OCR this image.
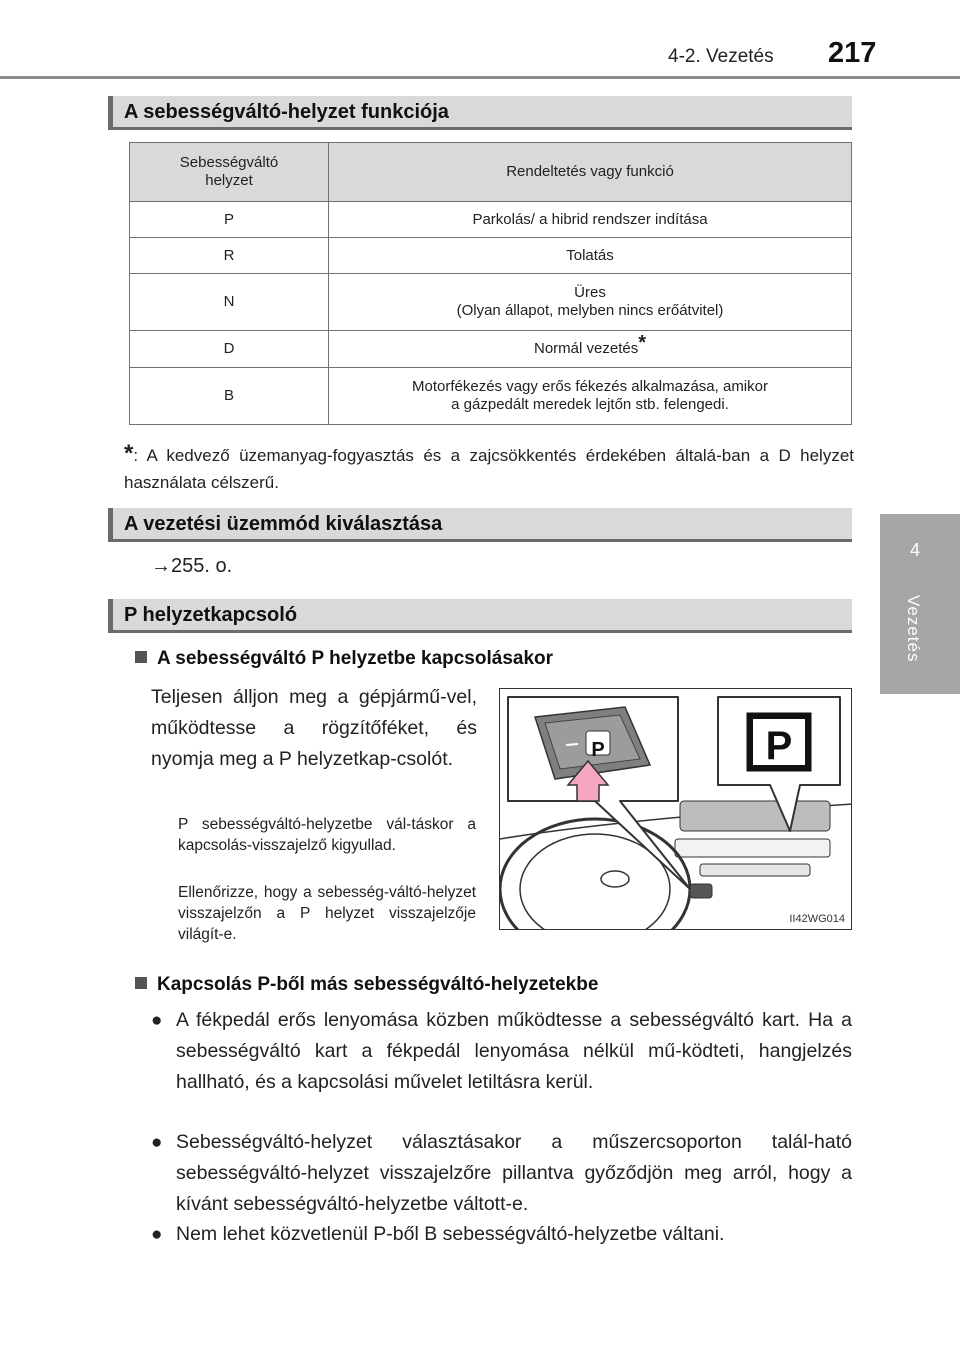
4-2. Vezetés 217
4
Vezetés
A sebességváltó-helyzet funkciója
Sebességváltó helyzet	Rendeltetés vagy funkció
P	Parkolás/ a hibrid rendszer indítása
R	Tolatás
N	Üres
(Olyan állapot, melyben nincs erőátvitel)

D	Normál vezetés*
B	Motorfékezés vagy erős fékezés alkalmazása, amikor
a gázpedált meredek lejtőn stb. felengedi.
*: A kedvező üzemanyag-fogyasztás és a zajcsökkentés érdekében általá-ban a D helyzet használata célszerű.
A vezetési üzemmód kiválasztása
→255. o.
P helyzetkapcsoló
A sebességváltó P helyzetbe kapcsolásakor
Teljesen álljon meg a gépjármű-vel, működtesse a rögzítőféket, és nyomja meg a P helyzetkap-csolót.
P sebességváltó-helyzetbe vál-táskor a kapcsolás-visszajelző kigyullad.
Ellenőrizze, hogy a sebesség-váltó-helyzet visszajelzőn a P helyzet visszajelzője világít-e.
P	P
II42WG014
Kapcsolás P-ből más sebességváltó-helyzetekbe
● A fékpedál erős lenyomása közben működtesse a sebességváltó kart. Ha a sebességváltó kart a fékpedál lenyomása nélkül mű-ködteti, hangjelzés hallható, és a kapcsolási művelet letiltásra kerül.
● Sebességváltó-helyzet választásakor a műszercsoporton talál-ható sebességváltó-helyzet visszajelzőre pillantva győződjön meg arról, hogy a kívánt sebességváltó-helyzetbe váltott-e.
● Nem lehet közvetlenül P-ből B sebességváltó-helyzetbe váltani.
